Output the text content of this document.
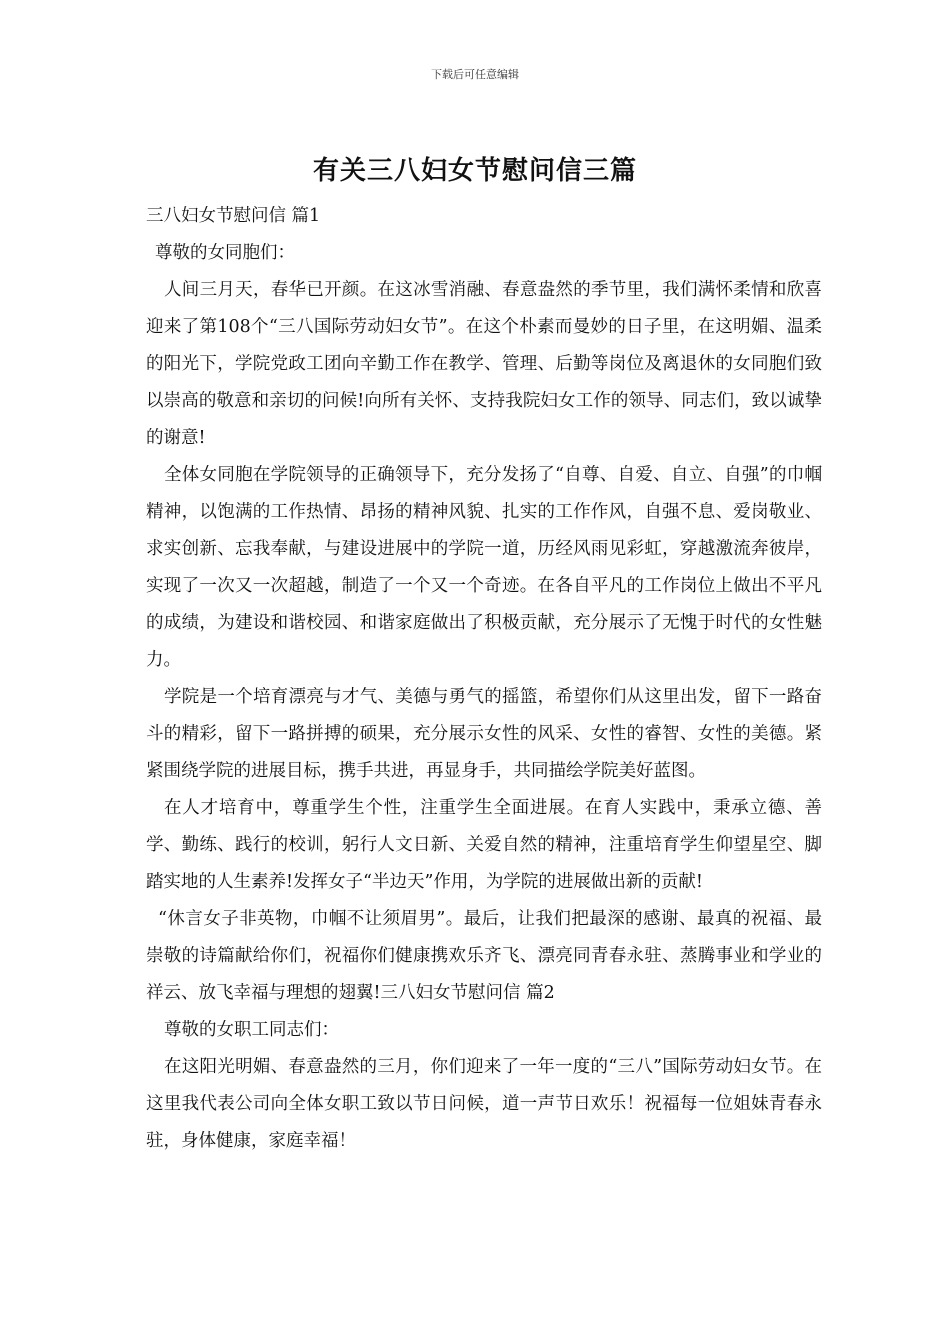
下载后可任意编辑
有关三八妇女节慰问信三篇

三八妇女节慰问信 篇1

尊敬的女同胞们：

人间三月天，春华已开颜。在这冰雪消融、春意盎然的季节里，我们满怀柔情和欣喜迎来了第108个“三八国际劳动妇女节”。在这个朴素而曼妙的日子里，在这明媚、温柔的阳光下，学院党政工团向辛勤工作在教学、管理、后勤等岗位及离退休的女同胞们致以崇高的敬意和亲切的问候!向所有关怀、支持我院妇女工作的领导、同志们，致以诚挚的谢意!

全体女同胞在学院领导的正确领导下，充分发扬了“自尊、自爱、自立、自强”的巾帼精神，以饱满的工作热情、昂扬的精神风貌、扎实的工作作风，自强不息、爱岗敬业、求实创新、忘我奉献，与建设进展中的学院一道，历经风雨见彩虹，穿越激流奔彼岸，实现了一次又一次超越，制造了一个又一个奇迹。在各自平凡的工作岗位上做出不平凡的成绩，为建设和谐校园、和谐家庭做出了积极贡献，充分展示了无愧于时代的女性魅力。

学院是一个培育漂亮与才气、美德与勇气的摇篮，希望你们从这里出发，留下一路奋斗的精彩，留下一路拼搏的硕果，充分展示女性的风采、女性的睿智、女性的美德。紧紧围绕学院的进展目标，携手共进，再显身手，共同描绘学院美好蓝图。

在人才培育中，尊重学生个性，注重学生全面进展。在育人实践中，秉承立德、善学、勤练、践行的校训，躬行人文日新、关爱自然的精神，注重培育学生仰望星空、脚踏实地的人生素养!发挥女子“半边天”作用，为学院的进展做出新的贡献!

“休言女子非英物，巾帼不让须眉男”。最后，让我们把最深的感谢、最真的祝福、最崇敬的诗篇献给你们，祝福你们健康携欢乐齐飞、漂亮同青春永驻、蒸腾事业和学业的祥云、放飞幸福与理想的翅翼!三八妇女节慰问信 篇2

尊敬的女职工同志们：

在这阳光明媚、春意盎然的三月，你们迎来了一年一度的“三八”国际劳动妇女节。在这里我代表公司向全体女职工致以节日问候，道一声节日欢乐！祝福每一位姐妹青春永驻，身体健康，家庭幸福！
